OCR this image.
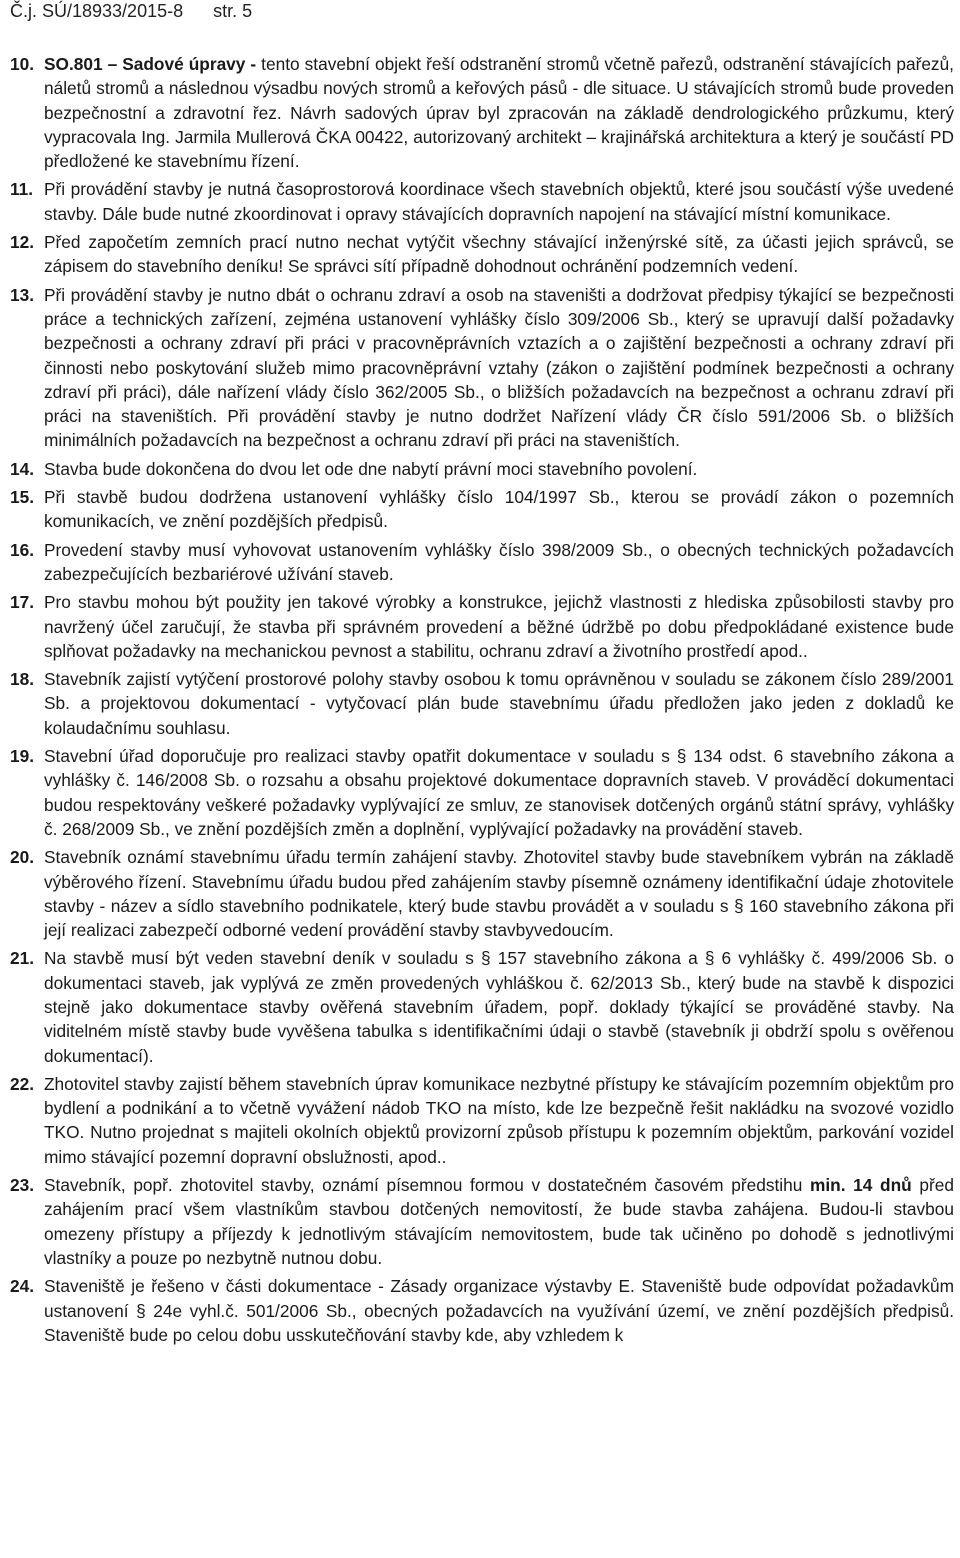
Č.j. SÚ/18933/2015-8 str. 5
10. SO.801 – Sadové úpravy - tento stavební objekt řeší odstranění stromů včetně pařezů, odstranění stávajících pařezů, náletů stromů a následnou výsadbu nových stromů a keřových pásů - dle situace. U stávajících stromů bude proveden bezpečnostní a zdravotní řez. Návrh sadových úprav byl zpracován na základě dendrologického průzkumu, který vypracovala Ing. Jarmila Mullerová ČKA 00422, autorizovaný architekt – krajinářská architektura a který je součástí PD předložené ke stavebnímu řízení.
11. Při provádění stavby je nutná časoprostorová koordinace všech stavebních objektů, které jsou součástí výše uvedené stavby. Dále bude nutné zkoordinovat i opravy stávajících dopravních napojení na stávající místní komunikace.
12. Před započetím zemních prací nutno nechat vytýčit všechny stávající inženýrské sítě, za účasti jejich správců, se zápisem do stavebního deníku! Se správci sítí případně dohodnout ochránění podzemních vedení.
13. Při provádění stavby je nutno dbát o ochranu zdraví a osob na staveništi a dodržovat předpisy týkající se bezpečnosti práce a technických zařízení, zejména ustanovení vyhlášky číslo 309/2006 Sb., který se upravují další požadavky bezpečnosti a ochrany zdraví při práci v pracovněprávních vztazích a o zajištění bezpečnosti a ochrany zdraví při činnosti nebo poskytování služeb mimo pracovněprávní vztahy (zákon o zajištění podmínek bezpečnosti a ochrany zdraví při práci), dále nařízení vlády číslo 362/2005 Sb., o bližších požadavcích na bezpečnost a ochranu zdraví při práci na staveništích. Při provádění stavby je nutno dodržet Nařízení vlády ČR číslo 591/2006 Sb. o bližších minimálních požadavcích na bezpečnost a ochranu zdraví při práci na staveništích.
14. Stavba bude dokončena do dvou let ode dne nabytí právní moci stavebního povolení.
15. Při stavbě budou dodržena ustanovení vyhlášky číslo 104/1997 Sb., kterou se provádí zákon o pozemních komunikacích, ve znění pozdějších předpisů.
16. Provedení stavby musí vyhovovat ustanovením vyhlášky číslo 398/2009 Sb., o obecných technických požadavcích zabezpečujících bezbariérové užívání staveb.
17. Pro stavbu mohou být použity jen takové výrobky a konstrukce, jejichž vlastnosti z hlediska způsobilosti stavby pro navržený účel zaručují, že stavba při správném provedení a běžné údržbě po dobu předpokládané existence bude splňovat požadavky na mechanickou pevnost a stabilitu, ochranu zdraví a životního prostředí apod..
18. Stavebník zajistí vytýčení prostorové polohy stavby osobou k tomu oprávněnou v souladu se zákonem číslo 289/2001 Sb. a projektovou dokumentací - vytyčovací plán bude stavebnímu úřadu předložen jako jeden z dokladů ke kolaudačnímu souhlasu.
19. Stavební úřad doporučuje pro realizaci stavby opatřit dokumentace v souladu s § 134 odst. 6 stavebního zákona a vyhlášky č. 146/2008 Sb. o rozsahu a obsahu projektové dokumentace dopravních staveb. V prováděcí dokumentaci budou respektovány veškeré požadavky vyplývající ze smluv, ze stanovisek dotčených orgánů státní správy, vyhlášky č. 268/2009 Sb., ve znění pozdějších změn a doplnění, vyplývající požadavky na provádění staveb.
20. Stavebník oznámí stavebnímu úřadu termín zahájení stavby. Zhotovitel stavby bude stavebníkem vybrán na základě výběrového řízení. Stavebnímu úřadu budou před zahájením stavby písemně oznámeny identifikační údaje zhotovitele stavby - název a sídlo stavebního podnikatele, který bude stavbu provádět a v souladu s § 160 stavebního zákona při její realizaci zabezpečí odborné vedení provádění stavby stavbyvedoucím.
21. Na stavbě musí být veden stavební deník v souladu s § 157 stavebního zákona a § 6 vyhlášky č. 499/2006 Sb. o dokumentaci staveb, jak vyplývá ze změn provedených vyhláškou č. 62/2013 Sb., který bude na stavbě k dispozici stejně jako dokumentace stavby ověřená stavebním úřadem, popř. doklady týkající se prováděné stavby. Na viditelném místě stavby bude vyvěšena tabulka s identifikačními údaji o stavbě (stavebník ji obdrží spolu s ověřenou dokumentací).
22. Zhotovitel stavby zajistí během stavebních úprav komunikace nezbytné přístupy ke stávajícím pozemním objektům pro bydlení a podnikání a to včetně vyvážení nádob TKO na místo, kde lze bezpečně řešit nakládku na svozové vozidlo TKO. Nutno projednat s majiteli okolních objektů provizorní způsob přístupu k pozemním objektům, parkování vozidel mimo stávající pozemní dopravní obslužnosti, apod..
23. Stavebník, popř. zhotovitel stavby, oznámí písemnou formou v dostatečném časovém předstihu min. 14 dnů před zahájením prací všem vlastníkům stavbou dotčených nemovitostí, že bude stavba zahájena. Budou-li stavbou omezeny přístupy a příjezdy k jednotlivým stávajícím nemovitostem, bude tak učiněno po dohodě s jednotlivými vlastníky a pouze po nezbytně nutnou dobu.
24. Staveniště je řešeno v části dokumentace - Zásady organizace výstavby E. Staveniště bude odpovídat požadavkům ustanovení § 24e vyhl.č. 501/2006 Sb., obecných požadavcích na využívání území, ve znění pozdějších předpisů. Staveniště bude po celou dobu usskutečňování stavby kde, aby vzhledem k
